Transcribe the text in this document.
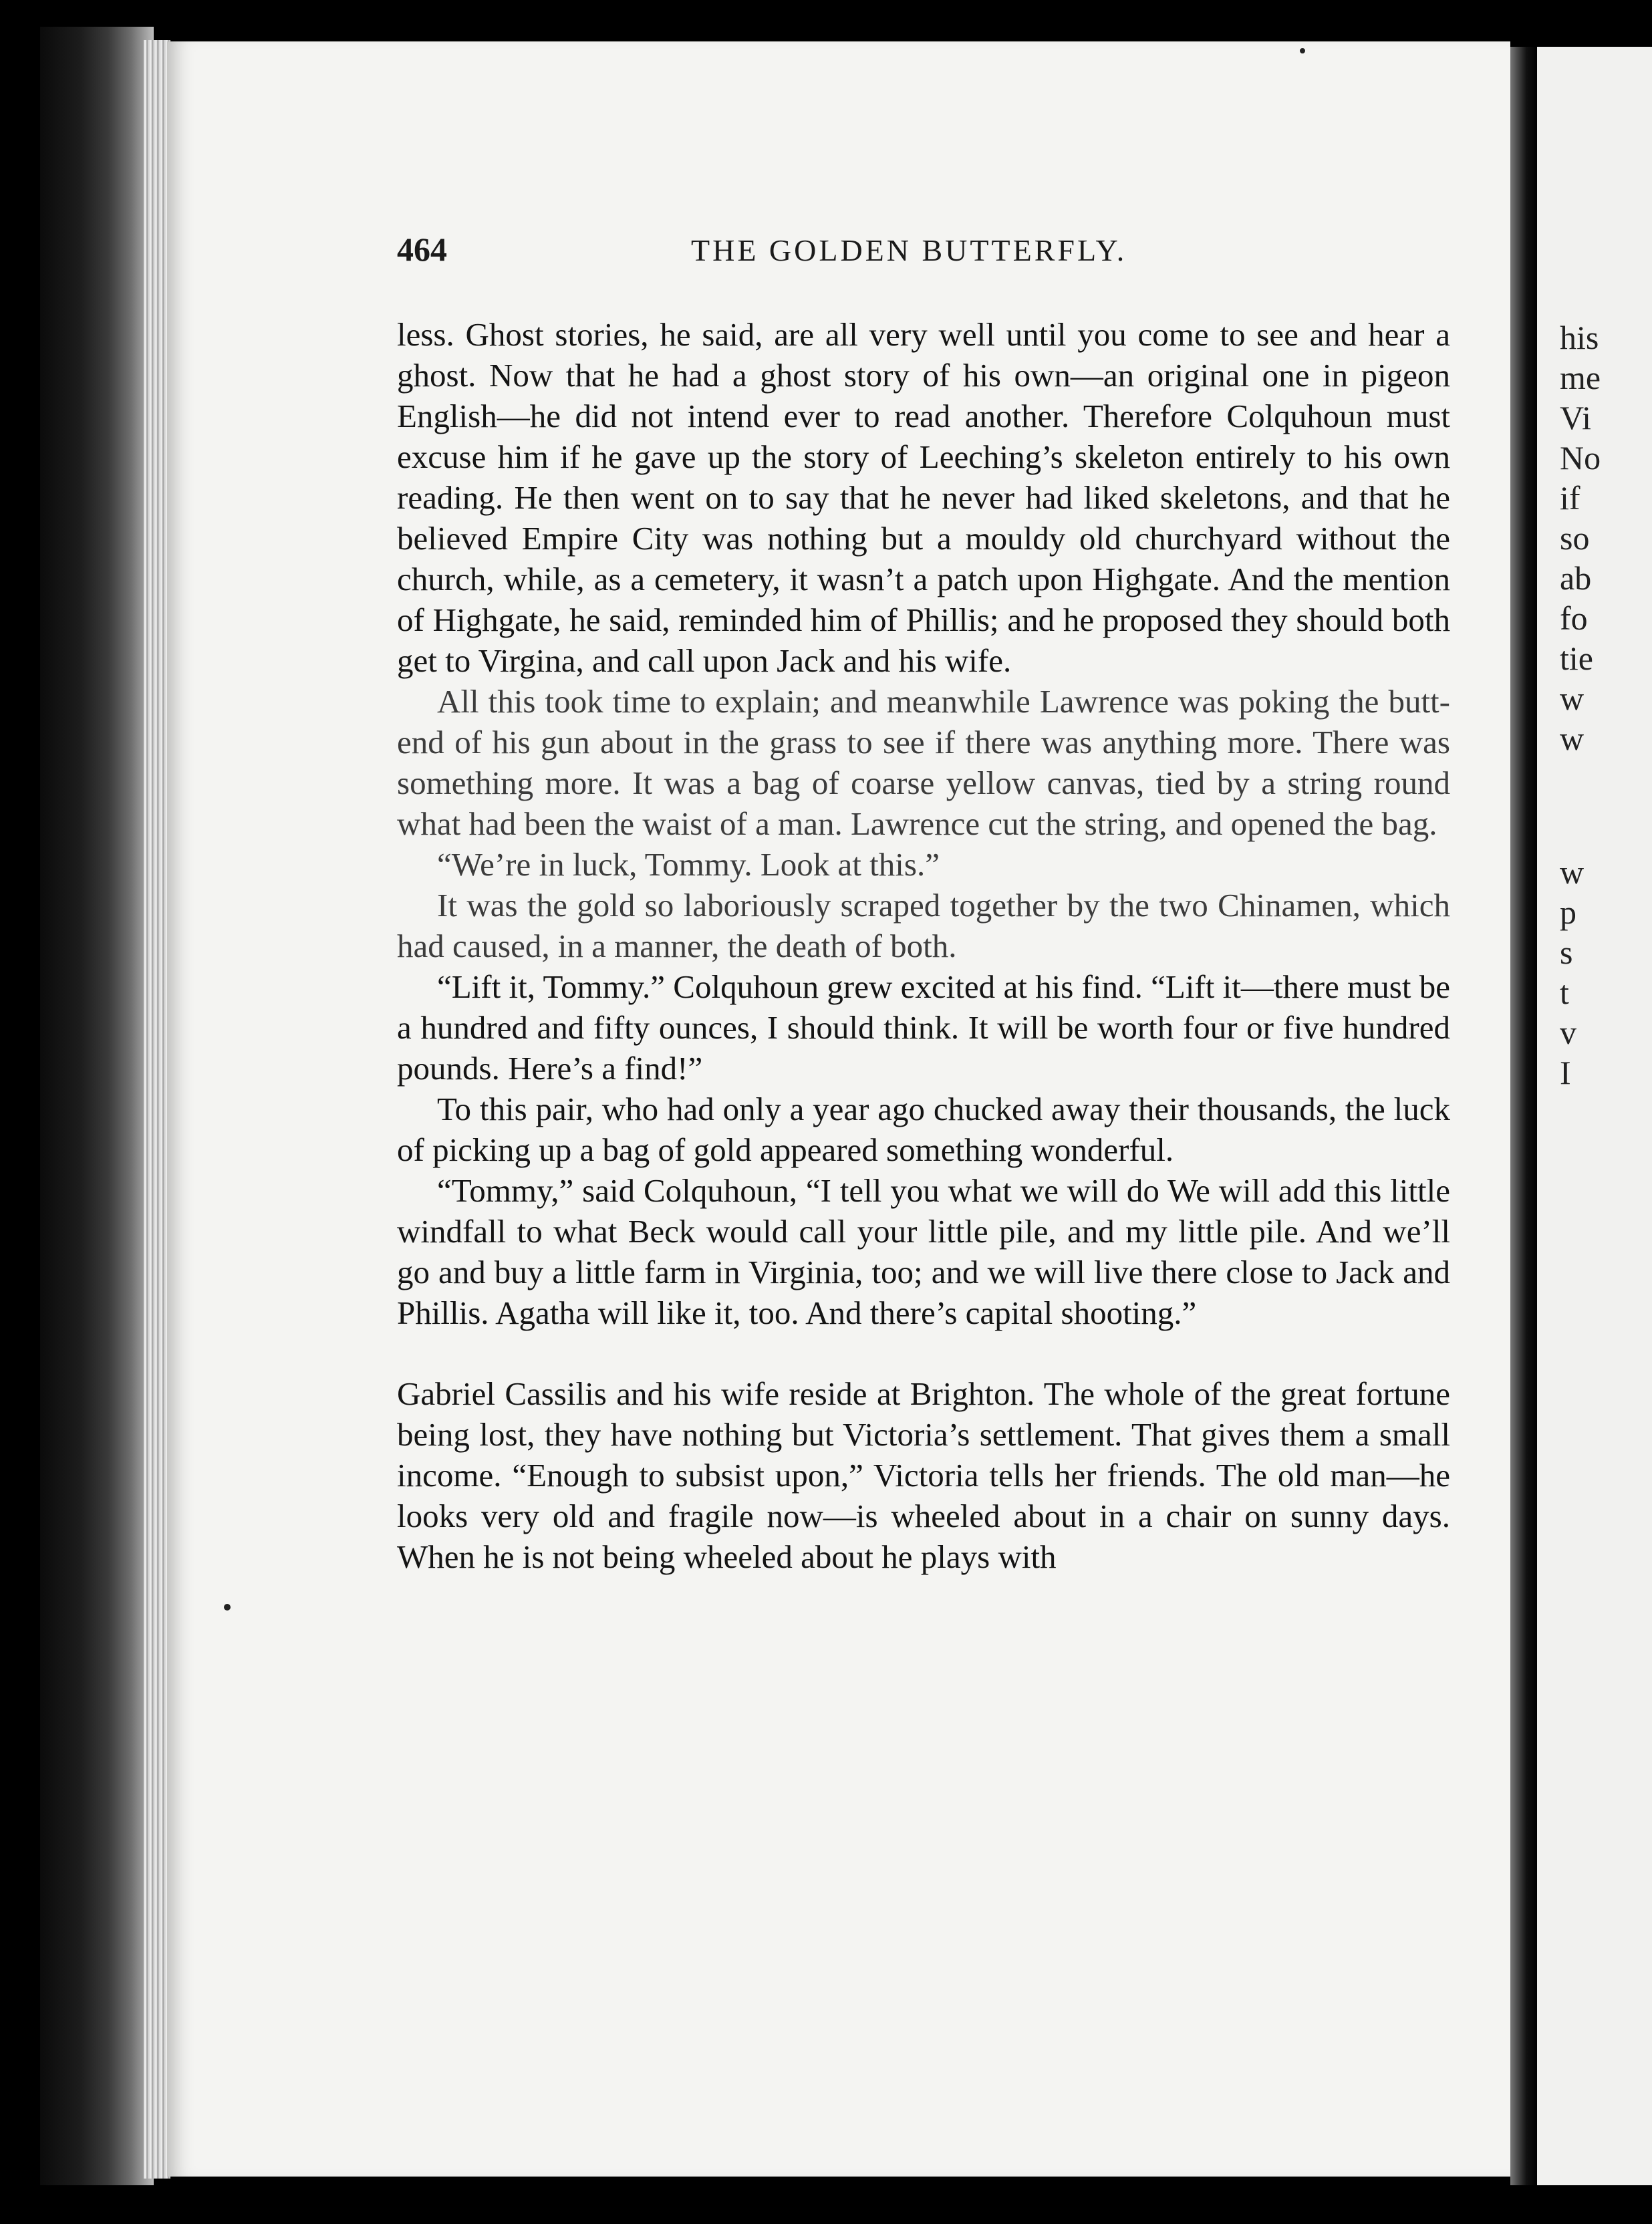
his
me
Vi
No
if
so
ab
fo
tie
w
w
w
p
s
t
v
I
464	THE GOLDEN BUTTERFLY.

less. Ghost stories, he said, are all very well until you come to see and hear a ghost. Now that he had a ghost story of his own—an original one in pigeon English—he did not intend ever to read another. Therefore Colquhoun must excuse him if he gave up the story of Leeching’s skeleton entirely to his own reading. He then went on to say that he never had liked skeletons, and that he believed Empire City was nothing but a mouldy old churchyard without the church, while, as a cemetery, it wasn’t a patch upon Highgate. And the mention of Highgate, he said, reminded him of Phillis; and he proposed they should both get to Virgina, and call upon Jack and his wife.

All this took time to explain; and meanwhile Lawrence was poking the butt-end of his gun about in the grass to see if there was anything more. There was something more. It was a bag of coarse yellow canvas, tied by a string round what had been the waist of a man. Lawrence cut the string, and opened the bag.

“We’re in luck, Tommy. Look at this.”

It was the gold so laboriously scraped together by the two Chinamen, which had caused, in a manner, the death of both.

“Lift it, Tommy.” Colquhoun grew excited at his find. “Lift it—there must be a hundred and fifty ounces, I should think. It will be worth four or five hundred pounds. Here’s a find!”

To this pair, who had only a year ago chucked away their thousands, the luck of picking up a bag of gold appeared something wonderful.

“Tommy,” said Colquhoun, “I tell you what we will do We will add this little windfall to what Beck would call your little pile, and my little pile. And we’ll go and buy a little farm in Virginia, too; and we will live there close to Jack and Phillis. Agatha will like it, too. And there’s capital shooting.”

Gabriel Cassilis and his wife reside at Brighton. The whole of the great fortune being lost, they have nothing but Victoria’s settlement. That gives them a small income. “Enough to subsist upon,” Victoria tells her friends. The old man—he looks very old and fragile now—is wheeled about in a chair on sunny days. When he is not being wheeled about he plays with
